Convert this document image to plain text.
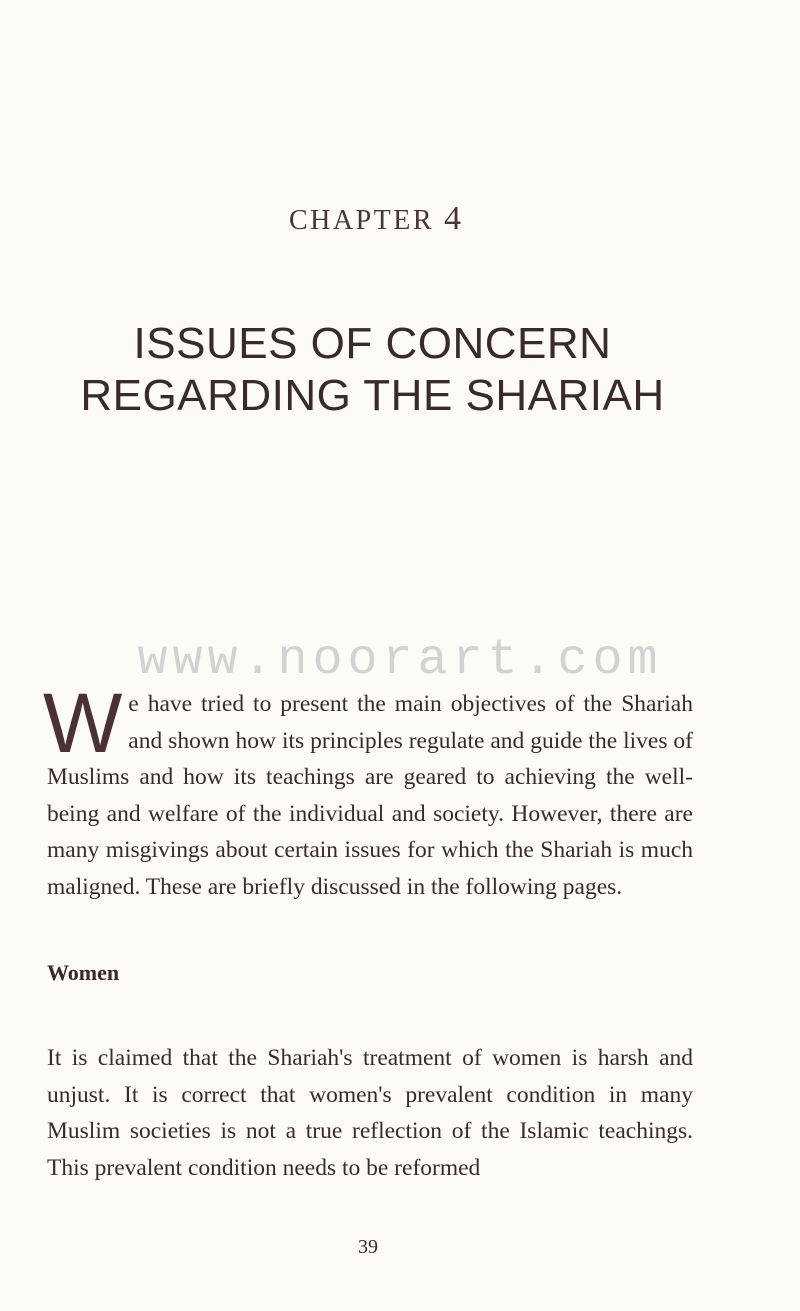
CHAPTER 4
ISSUES OF CONCERN
REGARDING THE SHARIAH
www.noorart.com
We have tried to present the main objectives of the Shariah and shown how its principles regulate and guide the lives of Muslims and how its teachings are geared to achieving the well-being and welfare of the individual and society. However, there are many misgivings about certain issues for which the Shariah is much maligned. These are briefly discussed in the following pages.
Women
It is claimed that the Shariah's treatment of women is harsh and unjust. It is correct that women's prevalent condition in many Muslim societies is not a true reflection of the Islamic teachings. This prevalent condition needs to be reformed
39
